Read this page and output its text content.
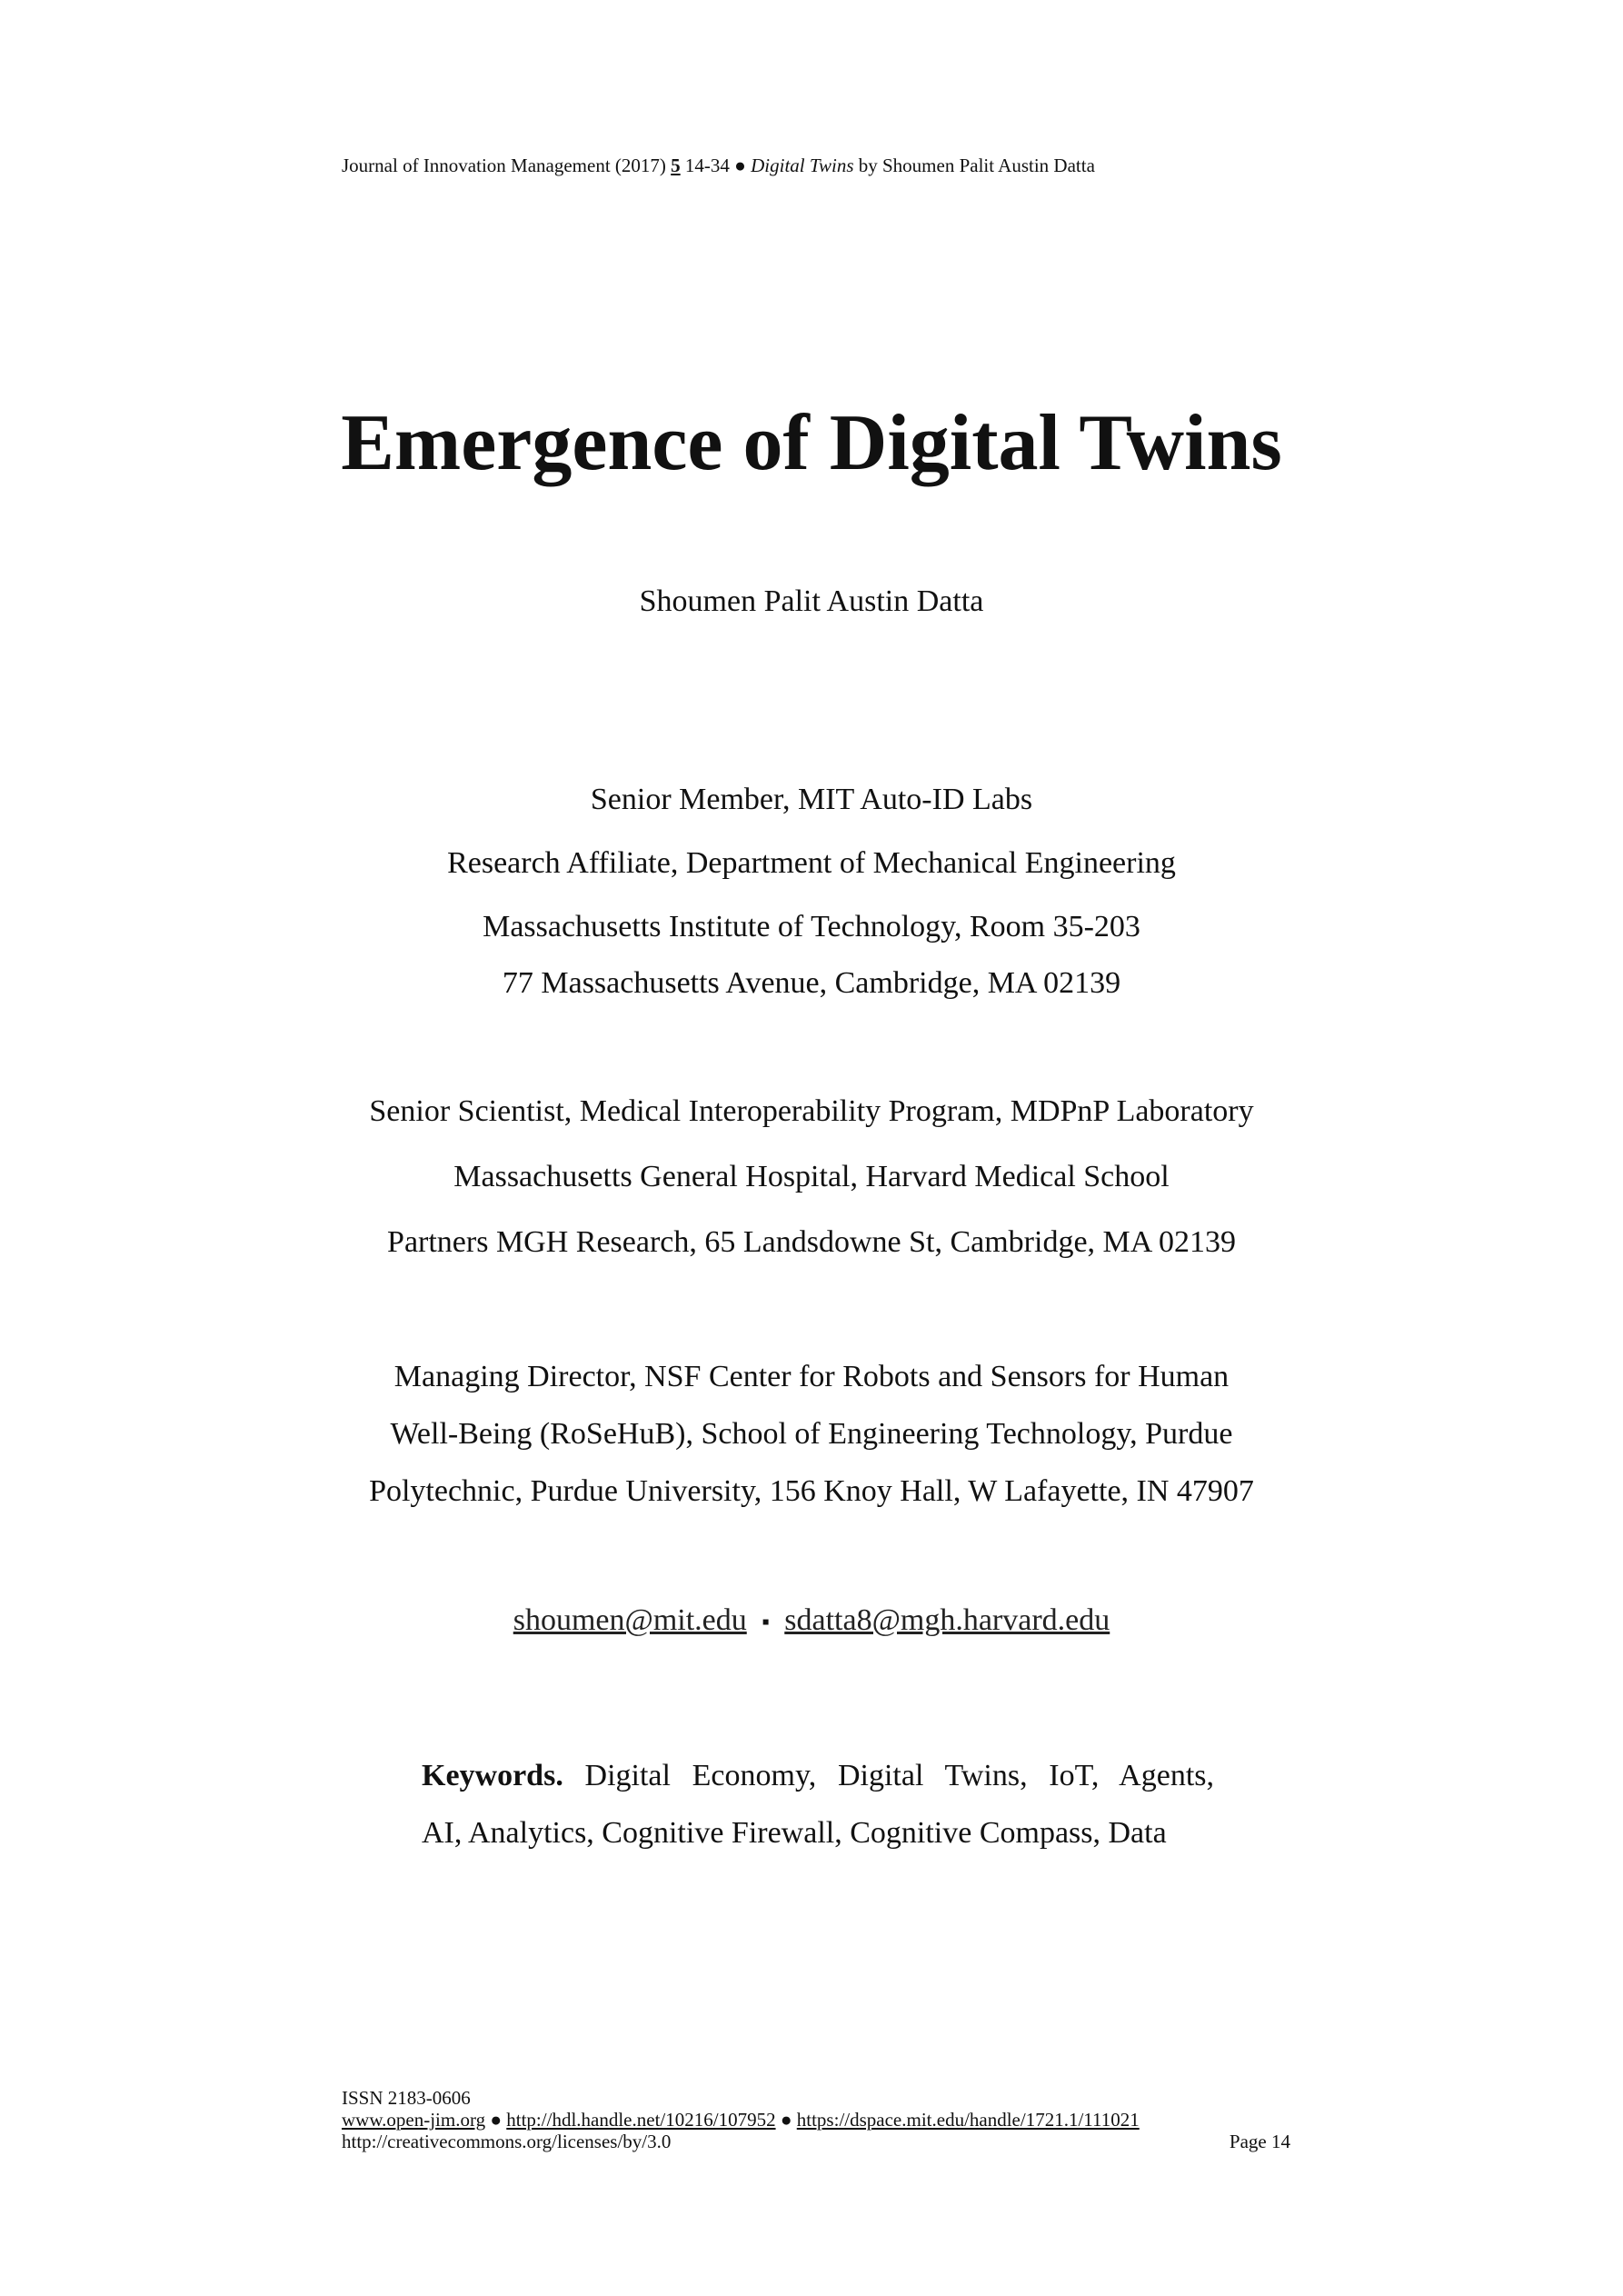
Journal of Innovation Management (2017) 5 14-34 ● Digital Twins by Shoumen Palit Austin Datta
Emergence of Digital Twins
Shoumen Palit Austin Datta
Senior Member, MIT Auto-ID Labs
Research Affiliate, Department of Mechanical Engineering
Massachusetts Institute of Technology, Room 35-203
77 Massachusetts Avenue, Cambridge, MA 02139
Senior Scientist, Medical Interoperability Program, MDPnP Laboratory
Massachusetts General Hospital, Harvard Medical School
Partners MGH Research, 65 Landsdowne St, Cambridge, MA 02139
Managing Director, NSF Center for Robots and Sensors for Human
Well-Being (RoSeHuB), School of Engineering Technology, Purdue
Polytechnic, Purdue University, 156 Knoy Hall, W Lafayette, IN 47907
shoumen@mit.edu ▪ sdatta8@mgh.harvard.edu
Keywords. Digital Economy, Digital Twins, IoT, Agents,
AI, Analytics, Cognitive Firewall, Cognitive Compass, Data
ISSN 2183-0606
www.open-jim.org ● http://hdl.handle.net/10216/107952 ● https://dspace.mit.edu/handle/1721.1/111021
http://creativecommons.org/licenses/by/3.0	Page 14
